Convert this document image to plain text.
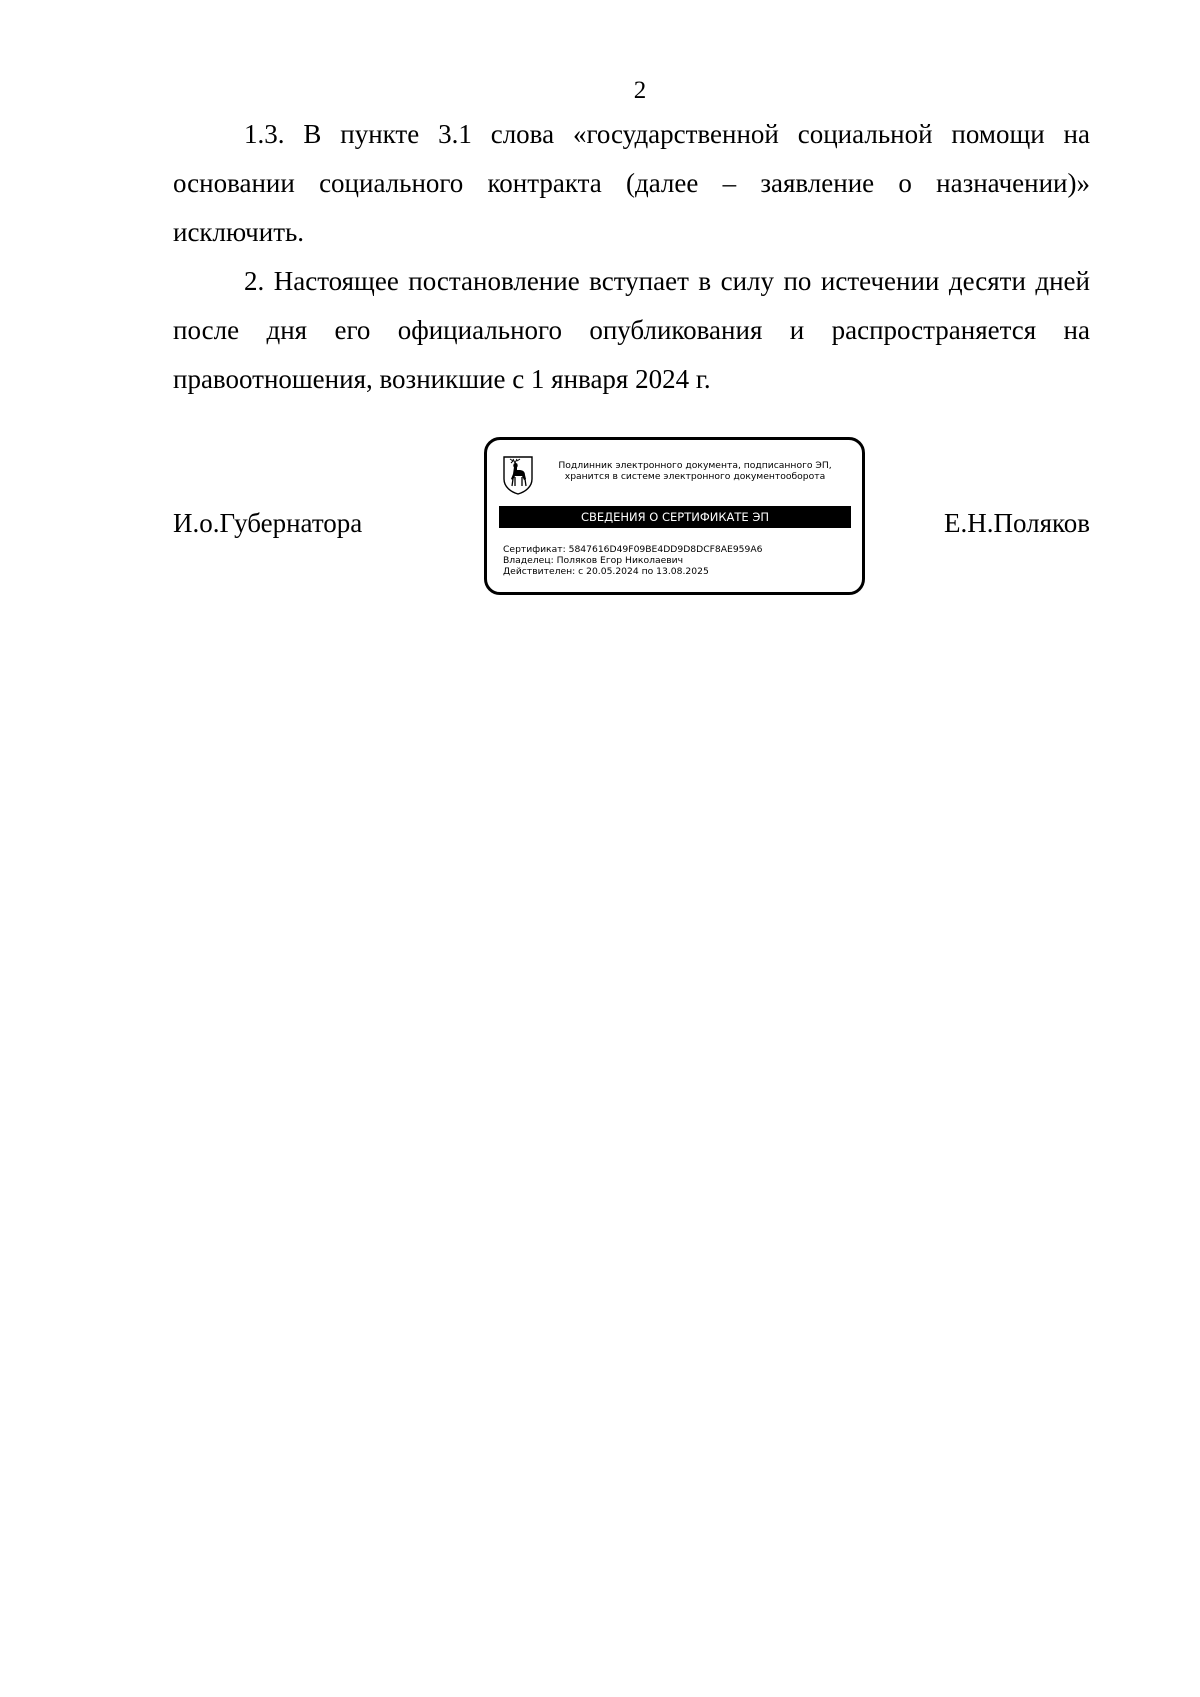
2

1.3. В пункте 3.1 слова «государственной социальной помощи на основании социального контракта (далее – заявление о назначении)» исключить.

2. Настоящее постановление вступает в силу по истечении десяти дней после дня его официального опубликования и распространяется на правоотношения, возникшие с 1 января 2024 г.

И.о.Губернатора	Е.Н.Поляков
Подлинник электронного документа, подписанного ЭП,
хранится в системе электронного документооборота
СВЕДЕНИЯ О СЕРТИФИКАТЕ ЭП
Сертификат: 5847616D49F09BE4DD9D8DCF8AE959A6
Владелец: Поляков Егор Николаевич
Действителен: с 20.05.2024 по 13.08.2025
